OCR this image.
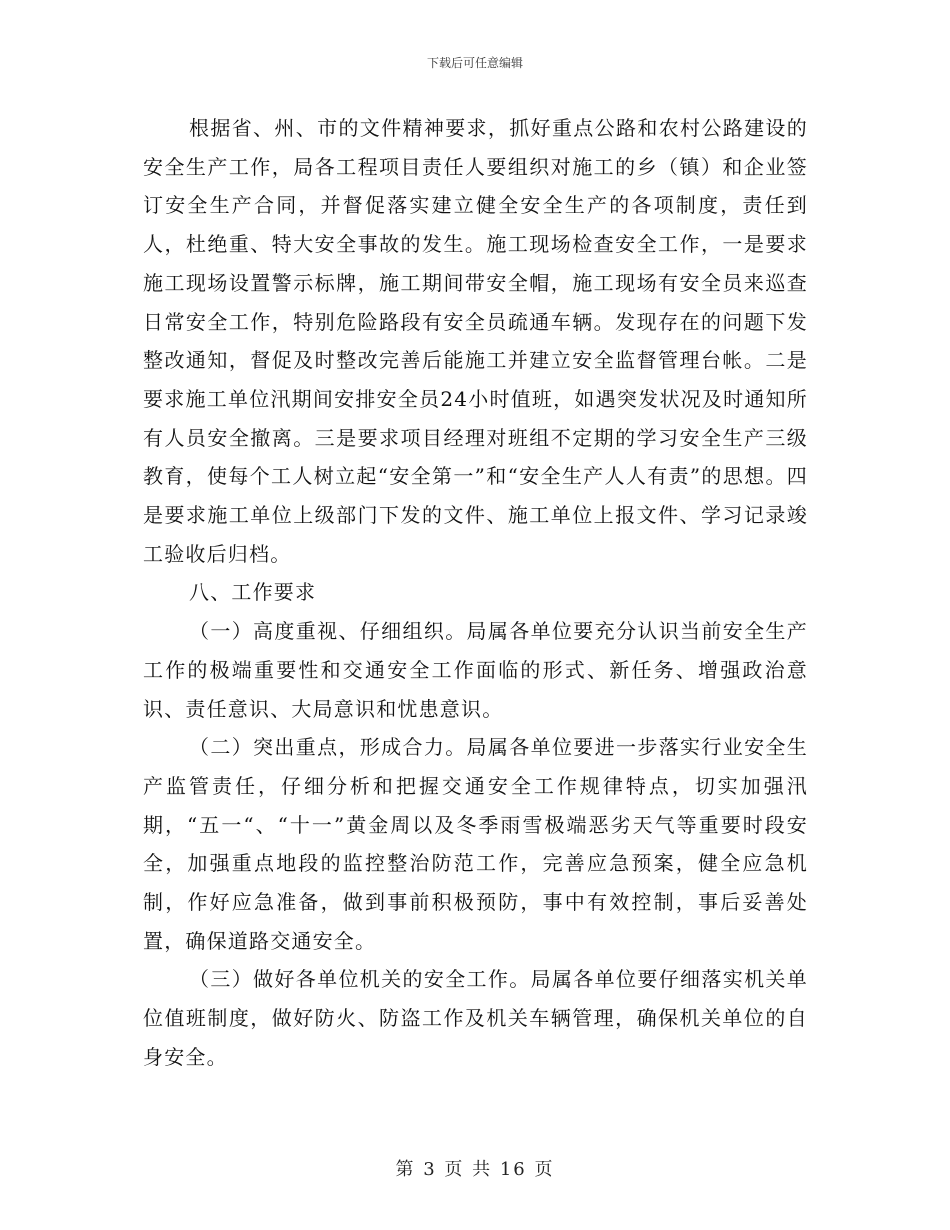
下载后可任意编辑

根据省、州、市的文件精神要求，抓好重点公路和农村公路建设的安全生产工作，局各工程项目责任人要组织对施工的乡（镇）和企业签订安全生产合同，并督促落实建立健全安全生产的各项制度，责任到人，杜绝重、特大安全事故的发生。施工现场检查安全工作，一是要求施工现场设置警示标牌，施工期间带安全帽，施工现场有安全员来巡查日常安全工作，特别危险路段有安全员疏通车辆。发现存在的问题下发整改通知，督促及时整改完善后能施工并建立安全监督管理台帐。二是要求施工单位汛期间安排安全员24小时值班，如遇突发状况及时通知所有人员安全撤离。三是要求项目经理对班组不定期的学习安全生产三级教育，使每个工人树立起“安全第一”和“安全生产人人有责”的思想。四是要求施工单位上级部门下发的文件、施工单位上报文件、学习记录竣工验收后归档。

八、工作要求

（一）高度重视、仔细组织。局属各单位要充分认识当前安全生产工作的极端重要性和交通安全工作面临的形式、新任务、增强政治意识、责任意识、大局意识和忧患意识。

（二）突出重点，形成合力。局属各单位要进一步落实行业安全生产监管责任，仔细分析和把握交通安全工作规律特点，切实加强汛期，“五一“、“十一”黄金周以及冬季雨雪极端恶劣天气等重要时段安全，加强重点地段的监控整治防范工作，完善应急预案，健全应急机制，作好应急准备，做到事前积极预防，事中有效控制，事后妥善处置，确保道路交通安全。

（三）做好各单位机关的安全工作。局属各单位要仔细落实机关单位值班制度，做好防火、防盗工作及机关车辆管理，确保机关单位的自身安全。

第 3 页 共 16 页
